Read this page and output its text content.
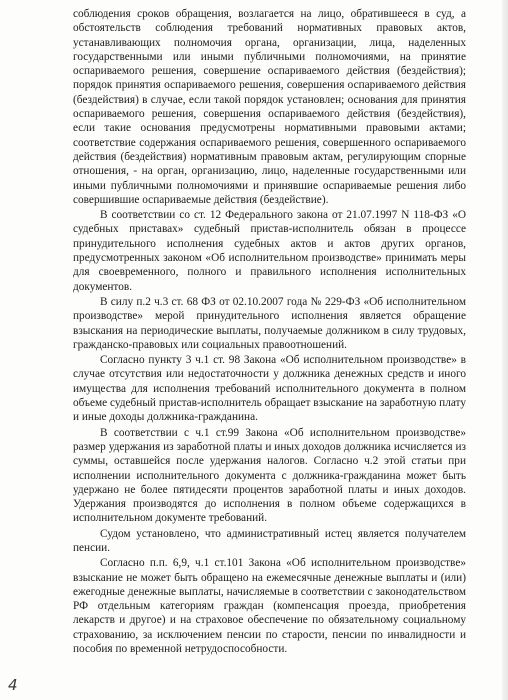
соблюдения сроков обращения, возлагается на лицо, обратившееся в суд, а обстоятельств соблюдения требований нормативных правовых актов, устанавливающих полномочия органа, организации, лица, наделенных государственными или иными публичными полномочиями, на принятие оспариваемого решения, совершение оспариваемого действия (бездействия); порядок принятия оспариваемого решения, совершения оспариваемого действия (бездействия) в случае, если такой порядок установлен; основания для принятия оспариваемого решения, совершения оспариваемого действия (бездействия), если такие основания предусмотрены нормативными правовыми актами; соответствие содержания оспариваемого решения, совершенного оспариваемого действия (бездействия) нормативным правовым актам, регулирующим спорные отношения, - на орган, организацию, лицо, наделенные государственными или иными публичными полномочиями и принявшие оспариваемые решения либо совершившие оспариваемые действия (бездействие).

В соответствии со ст. 12 Федерального закона от 21.07.1997 N 118-ФЗ «О судебных приставах» судебный пристав-исполнитель обязан в процессе принудительного исполнения судебных актов и актов других органов, предусмотренных законом «Об исполнительном производстве» принимать меры для своевременного, полного и правильного исполнения исполнительных документов.

В силу п.2 ч.3 ст. 68 ФЗ от 02.10.2007 года № 229-ФЗ «Об исполнительном производстве» мерой принудительного исполнения является обращение взыскания на периодические выплаты, получаемые должником в силу трудовых, гражданско-правовых или социальных правоотношений.

Согласно пункту 3 ч.1 ст. 98 Закона «Об исполнительном производстве» в случае отсутствия или недостаточности у должника денежных средств и иного имущества для исполнения требований исполнительного документа в полном объеме судебный пристав-исполнитель обращает взыскание на заработную плату и иные доходы должника-гражданина.

В соответствии с ч.1 ст.99 Закона «Об исполнительном производстве» размер удержания из заработной платы и иных доходов должника исчисляется из суммы, оставшейся после удержания налогов. Согласно ч.2 этой статьи при исполнении исполнительного документа с должника-гражданина может быть удержано не более пятидесяти процентов заработной платы и иных доходов. Удержания производятся до исполнения в полном объеме содержащихся в исполнительном документе требований.

Судом установлено, что административный истец является получателем пенсии.

Согласно п.п. 6,9, ч.1 ст.101 Закона «Об исполнительном производстве» взыскание не может быть обращено на ежемесячные денежные выплаты и (или) ежегодные денежные выплаты, начисляемые в соответствии с законодательством РФ отдельным категориям граждан (компенсация проезда, приобретения лекарств и другое) и на страховое обеспечение по обязательному социальному страхованию, за исключением пенсии по старости, пенсии по инвалидности и пособия по временной нетрудоспособности.

4
